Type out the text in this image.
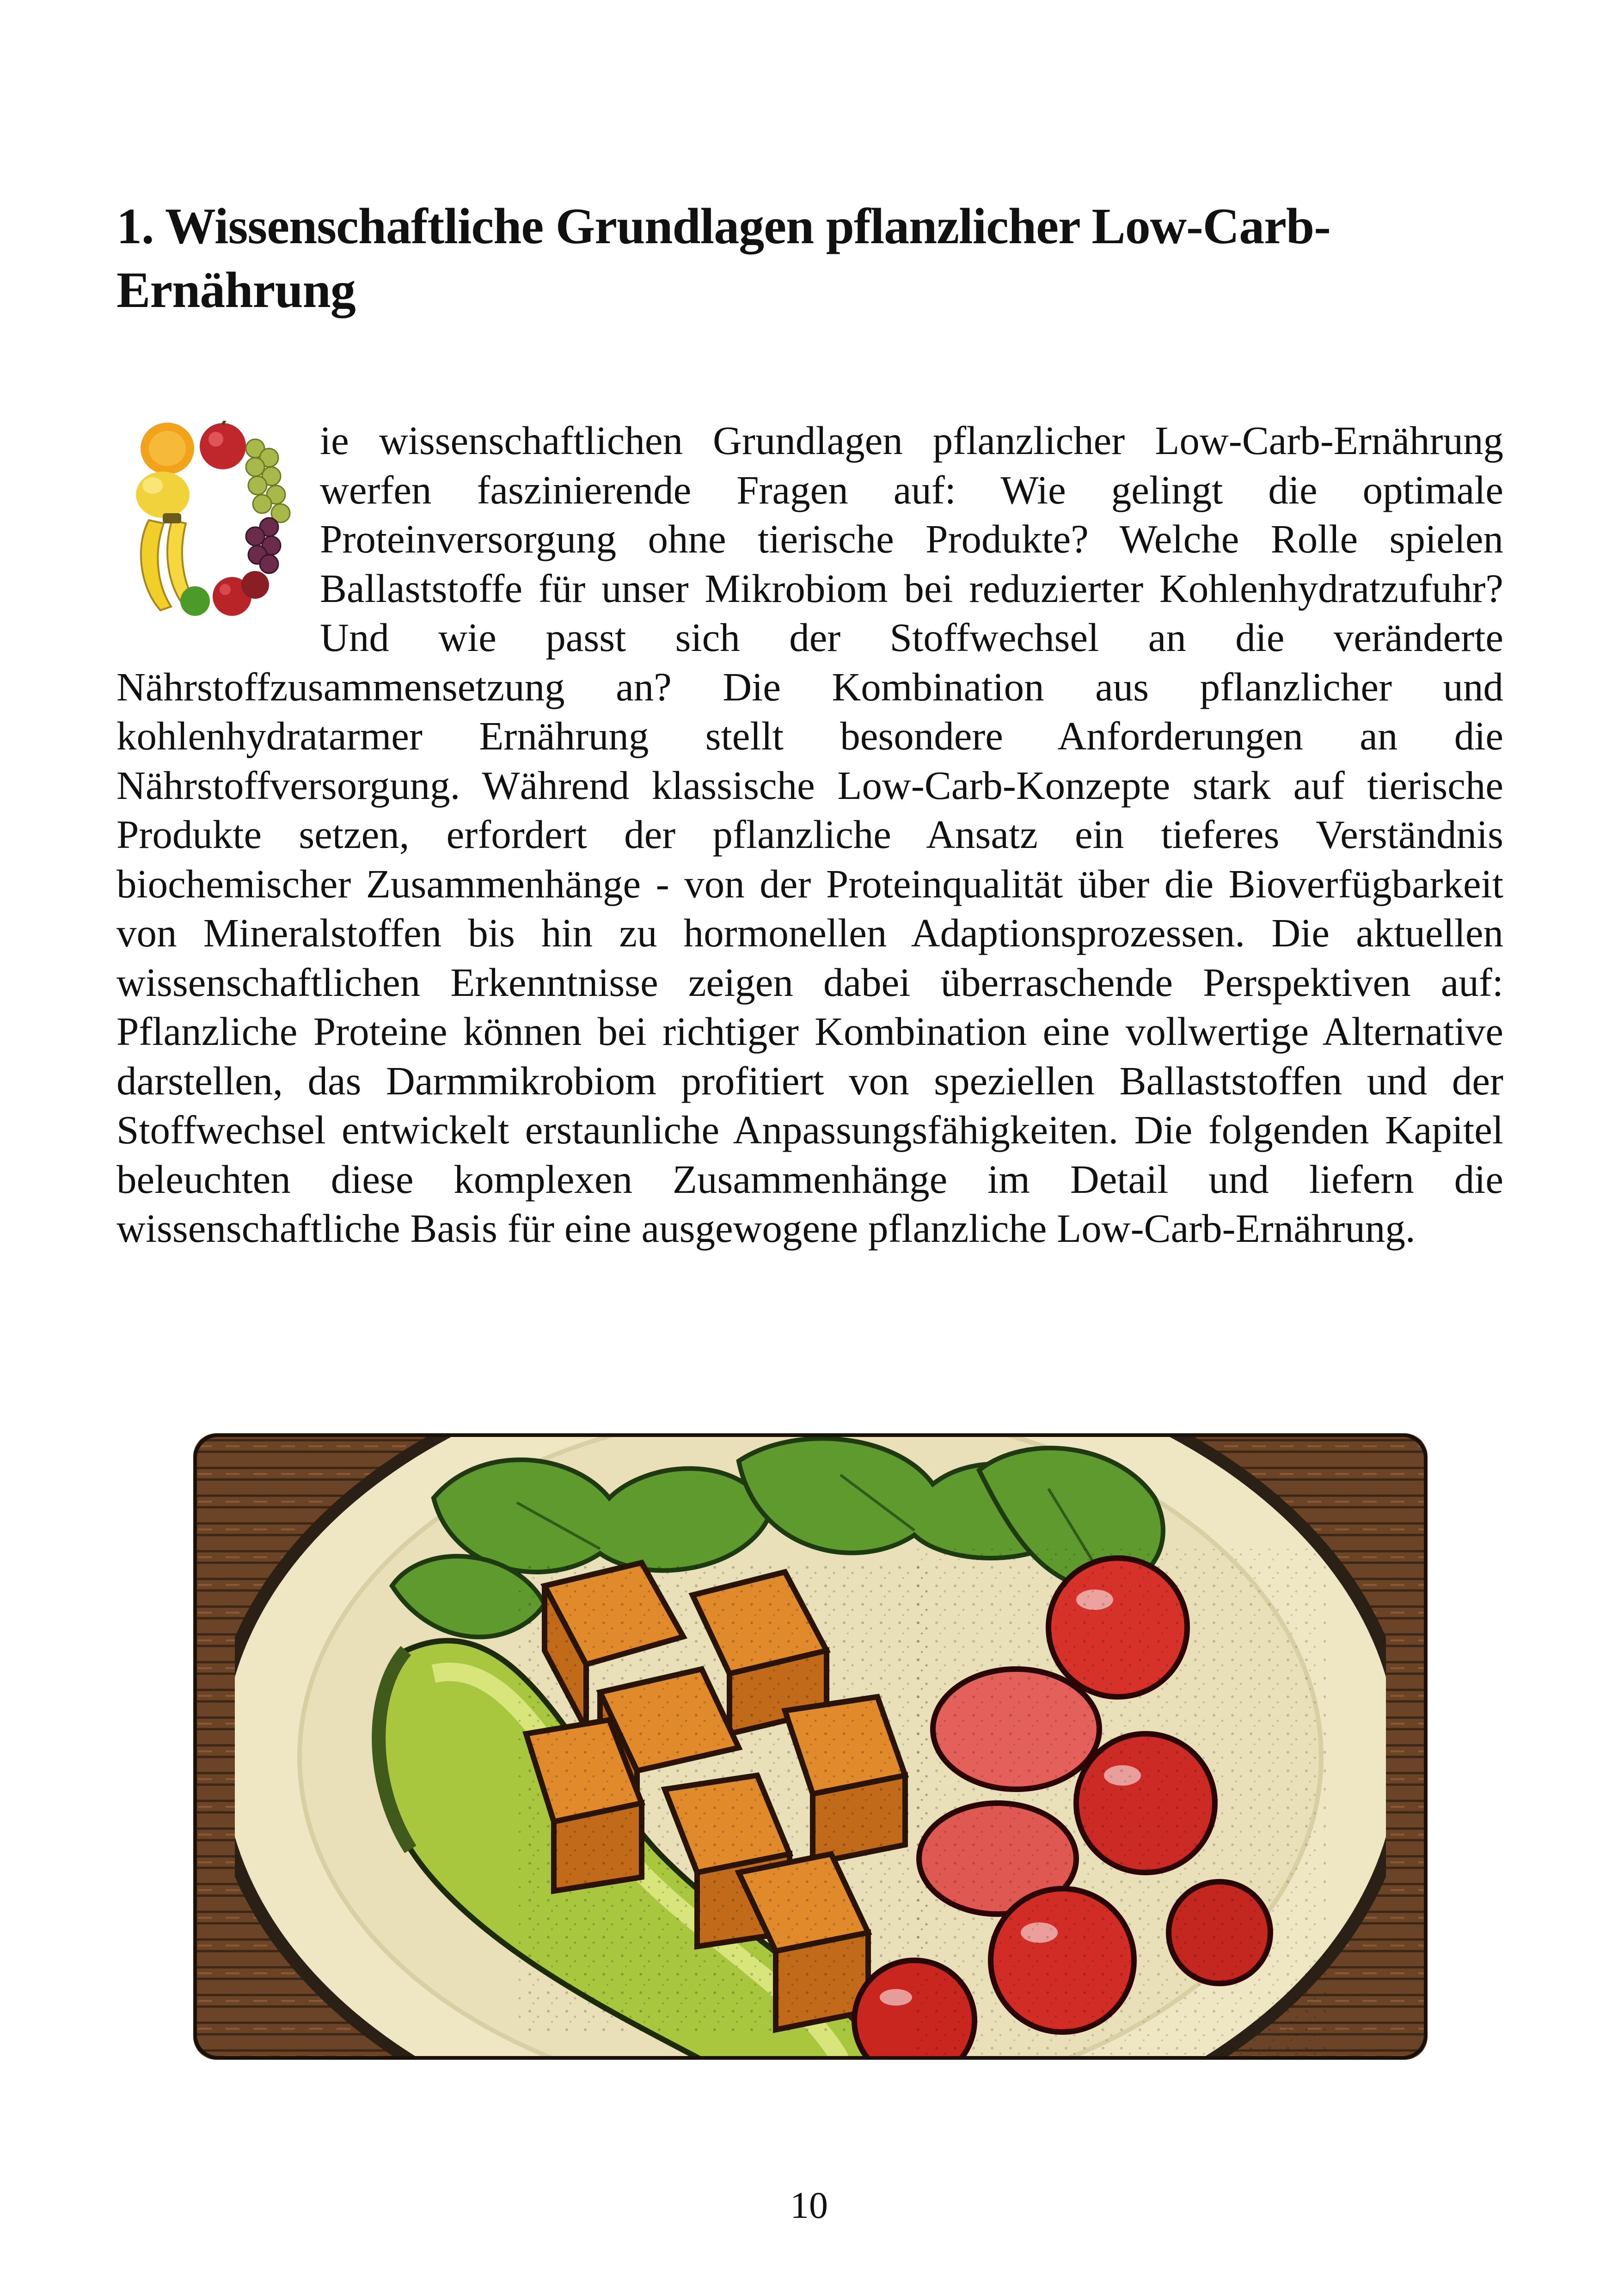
1. Wissenschaftliche Grundlagen pflanzlicher Low-Carb-Ernährung
ie wissenschaftlichen Grundlagen pflanzlicher Low-Carb-Ernährung werfen faszinierende Fragen auf: Wie gelingt die optimale Proteinversorgung ohne tierische Produkte? Welche Rolle spielen Ballaststoffe für unser Mikrobiom bei reduzierter Kohlenhydratzufuhr? Und wie passt sich der Stoffwechsel an die veränderte Nährstoffzusammensetzung an? Die Kombination aus pflanzlicher und kohlenhydratarmer Ernährung stellt besondere Anforderungen an die Nährstoffversorgung. Während klassische Low-Carb-Konzepte stark auf tierische Produkte setzen, erfordert der pflanzliche Ansatz ein tieferes Verständnis biochemischer Zusammenhänge - von der Proteinqualität über die Bioverfügbarkeit von Mineralstoffen bis hin zu hormonellen Adaptionsprozessen. Die aktuellen wissenschaftlichen Erkenntnisse zeigen dabei überraschende Perspektiven auf: Pflanzliche Proteine können bei richtiger Kombination eine vollwertige Alternative darstellen, das Darmmikrobiom profitiert von speziellen Ballaststoffen und der Stoffwechsel entwickelt erstaunliche Anpassungsfähigkeiten. Die folgenden Kapitel beleuchten diese komplexen Zusammenhänge im Detail und liefern die wissenschaftliche Basis für eine ausgewogene pflanzliche Low-Carb-Ernährung.
10
